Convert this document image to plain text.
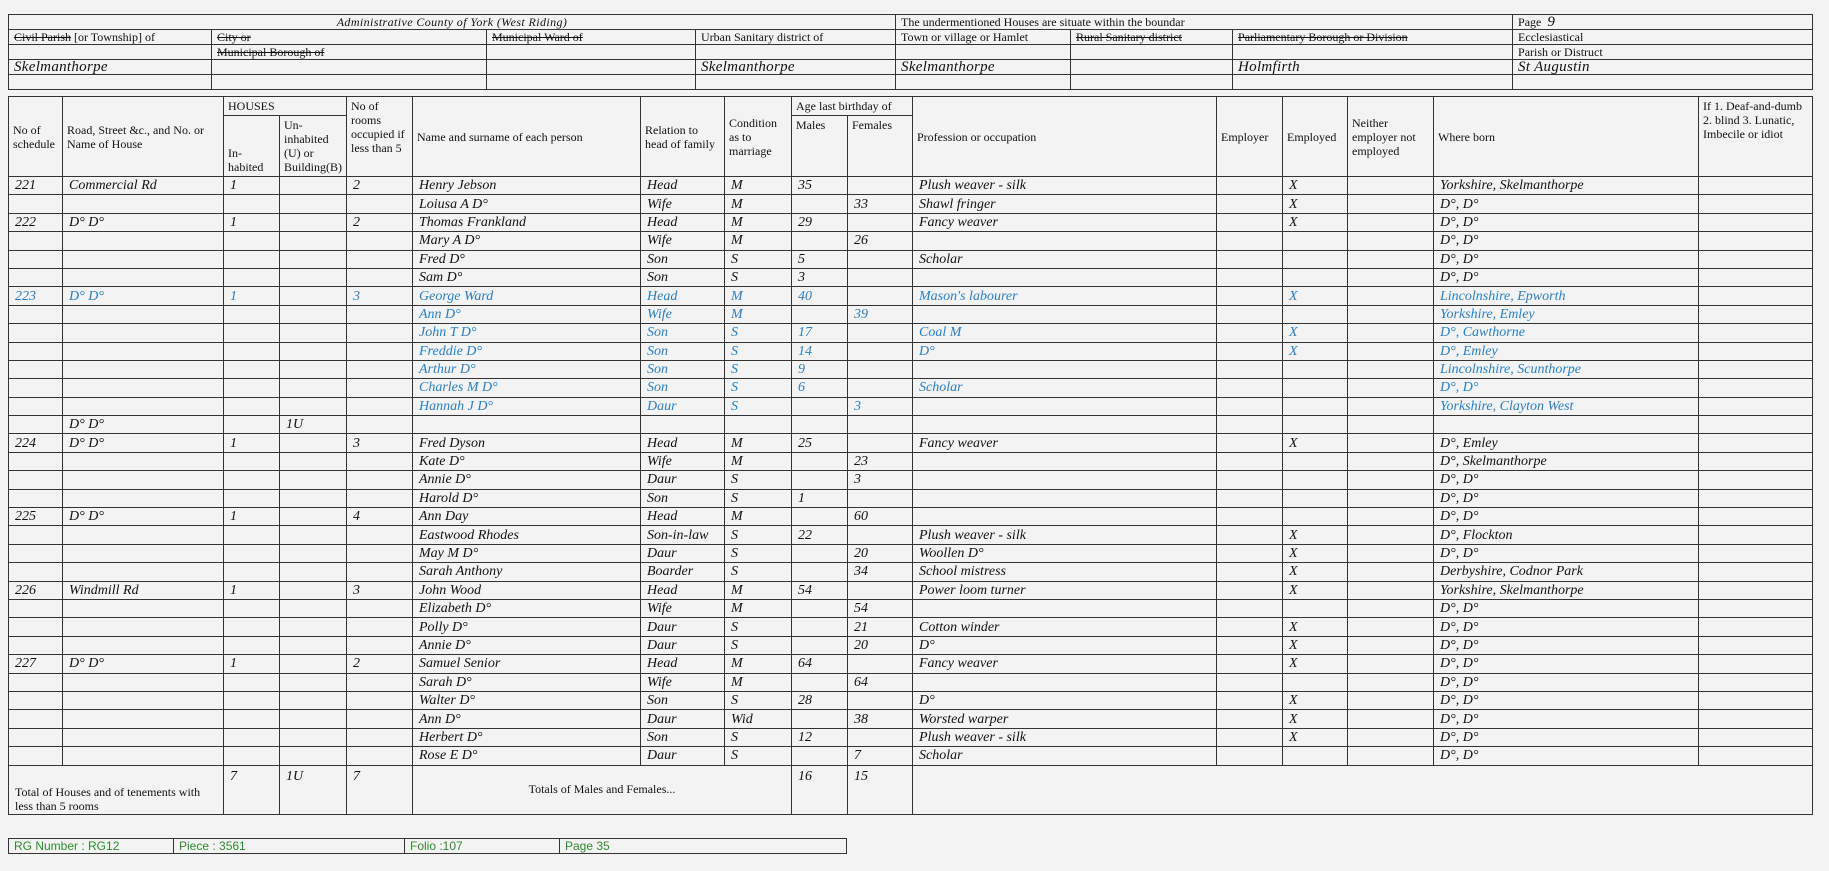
Administrative County of York (West Riding)				The undermentioned Houses are situate within the boundar			Page 9
Civil Parish [or Township] of	City or	Municipal Ward of	Urban Sanitary district of	Town or village or Hamlet	Rural Sanitary district	Parliamentary Borough or Division	Ecclesiastical
	Municipal Borough of						Parish or Distruct
Skelmanthorpe			Skelmanthorpe	Skelmanthorpe		Holmfirth	St Augustin

No of schedule	Road, Street &c., and No. or Name of House	HOUSES		No of rooms occupied if less than 5	Name and surname of each person	Relation to head of family	Condition as to marriage	Age last birthday of		Profession or occupation	Employer	Employed	Neither employer not employed	Where born	If 1. Deaf-and-dumb 2. blind 3. Lunatic, Imbecile or idiot
		In- habited	Un- inhabited (U) or Building(B)					Males	Females						
221	Commercial Rd	1		2	Henry Jebson	Head	M	35		Plush weaver - silk		X		Yorkshire, Skelmanthorpe	
					Loiusa A D°	Wife	M		33	Shawl fringer		X		D°, D°	
222	D° D°	1		2	Thomas Frankland	Head	M	29		Fancy weaver		X		D°, D°	
					Mary A D°	Wife	M		26					D°, D°	
					Fred D°	Son	S	5		Scholar				D°, D°	
					Sam D°	Son	S	3						D°, D°	
223	D° D°	1		3	George Ward	Head	M	40		Mason's labourer		X		Lincolnshire, Epworth	
					Ann D°	Wife	M		39					Yorkshire, Emley	
					John T D°	Son	S	17		Coal M		X		D°, Cawthorne	
					Freddie D°	Son	S	14		D°		X		D°, Emley	
					Arthur D°	Son	S	9						Lincolnshire, Scunthorpe	
					Charles M D°	Son	S	6		Scholar				D°, D°	
					Hannah J D°	Daur	S		3					Yorkshire, Clayton West	
	D° D°		1U												
224	D° D°	1		3	Fred Dyson	Head	M	25		Fancy weaver		X		D°, Emley	
					Kate D°	Wife	M		23					D°, Skelmanthorpe	
					Annie D°	Daur	S		3					D°, D°	
					Harold D°	Son	S	1						D°, D°	
225	D° D°	1		4	Ann Day	Head	M		60					D°, D°	
					Eastwood Rhodes	Son-in-law	S	22		Plush weaver - silk		X		D°, Flockton	
					May M D°	Daur	S		20	Woollen D°		X		D°, D°	
					Sarah Anthony	Boarder	S		34	School mistress		X		Derbyshire, Codnor Park	
226	Windmill Rd	1		3	John Wood	Head	M	54		Power loom turner		X		Yorkshire, Skelmanthorpe	
					Elizabeth D°	Wife	M		54					D°, D°	
					Polly D°	Daur	S		21	Cotton winder		X		D°, D°	
					Annie D°	Daur	S		20	D°		X		D°, D°	
227	D° D°	1		2	Samuel Senior	Head	M	64		Fancy weaver		X		D°, D°	
					Sarah D°	Wife	M		64					D°, D°	
					Walter D°	Son	S	28		D°		X		D°, D°	
					Ann D°	Daur	Wid		38	Worsted warper		X		D°, D°	
					Herbert D°	Son	S	12		Plush weaver - silk		X		D°, D°	
					Rose E D°	Daur	S		7	Scholar				D°, D°	
Total of Houses and of tenements with less than 5 rooms		7	1U	7	Totals of Males and Females...			16	15						
RG Number : RG12	Piece : 3561	Folio :107	Page 35
